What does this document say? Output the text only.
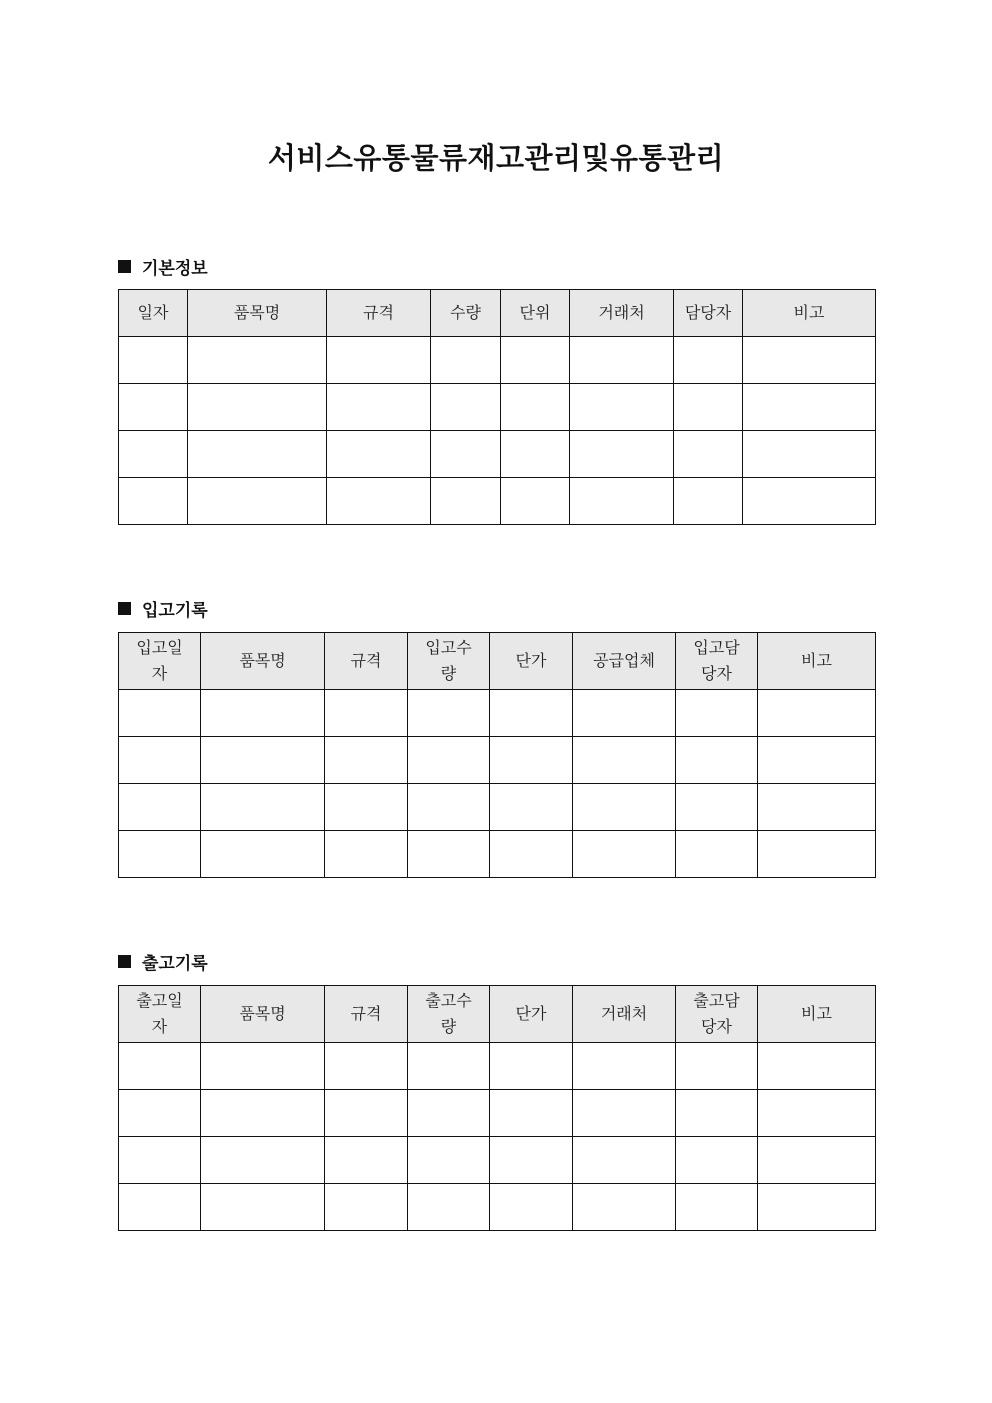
서비스유통물류재고관리및유통관리
기본정보
일자	품목명	규격	수량	단위	거래처	담당자	비고

입고기록
입고일자	품목명	규격	입고수량	단가	공급업체	입고담당자	비고

출고기록
출고일자	품목명	규격	출고수량	단가	거래처	출고담당자	비고
